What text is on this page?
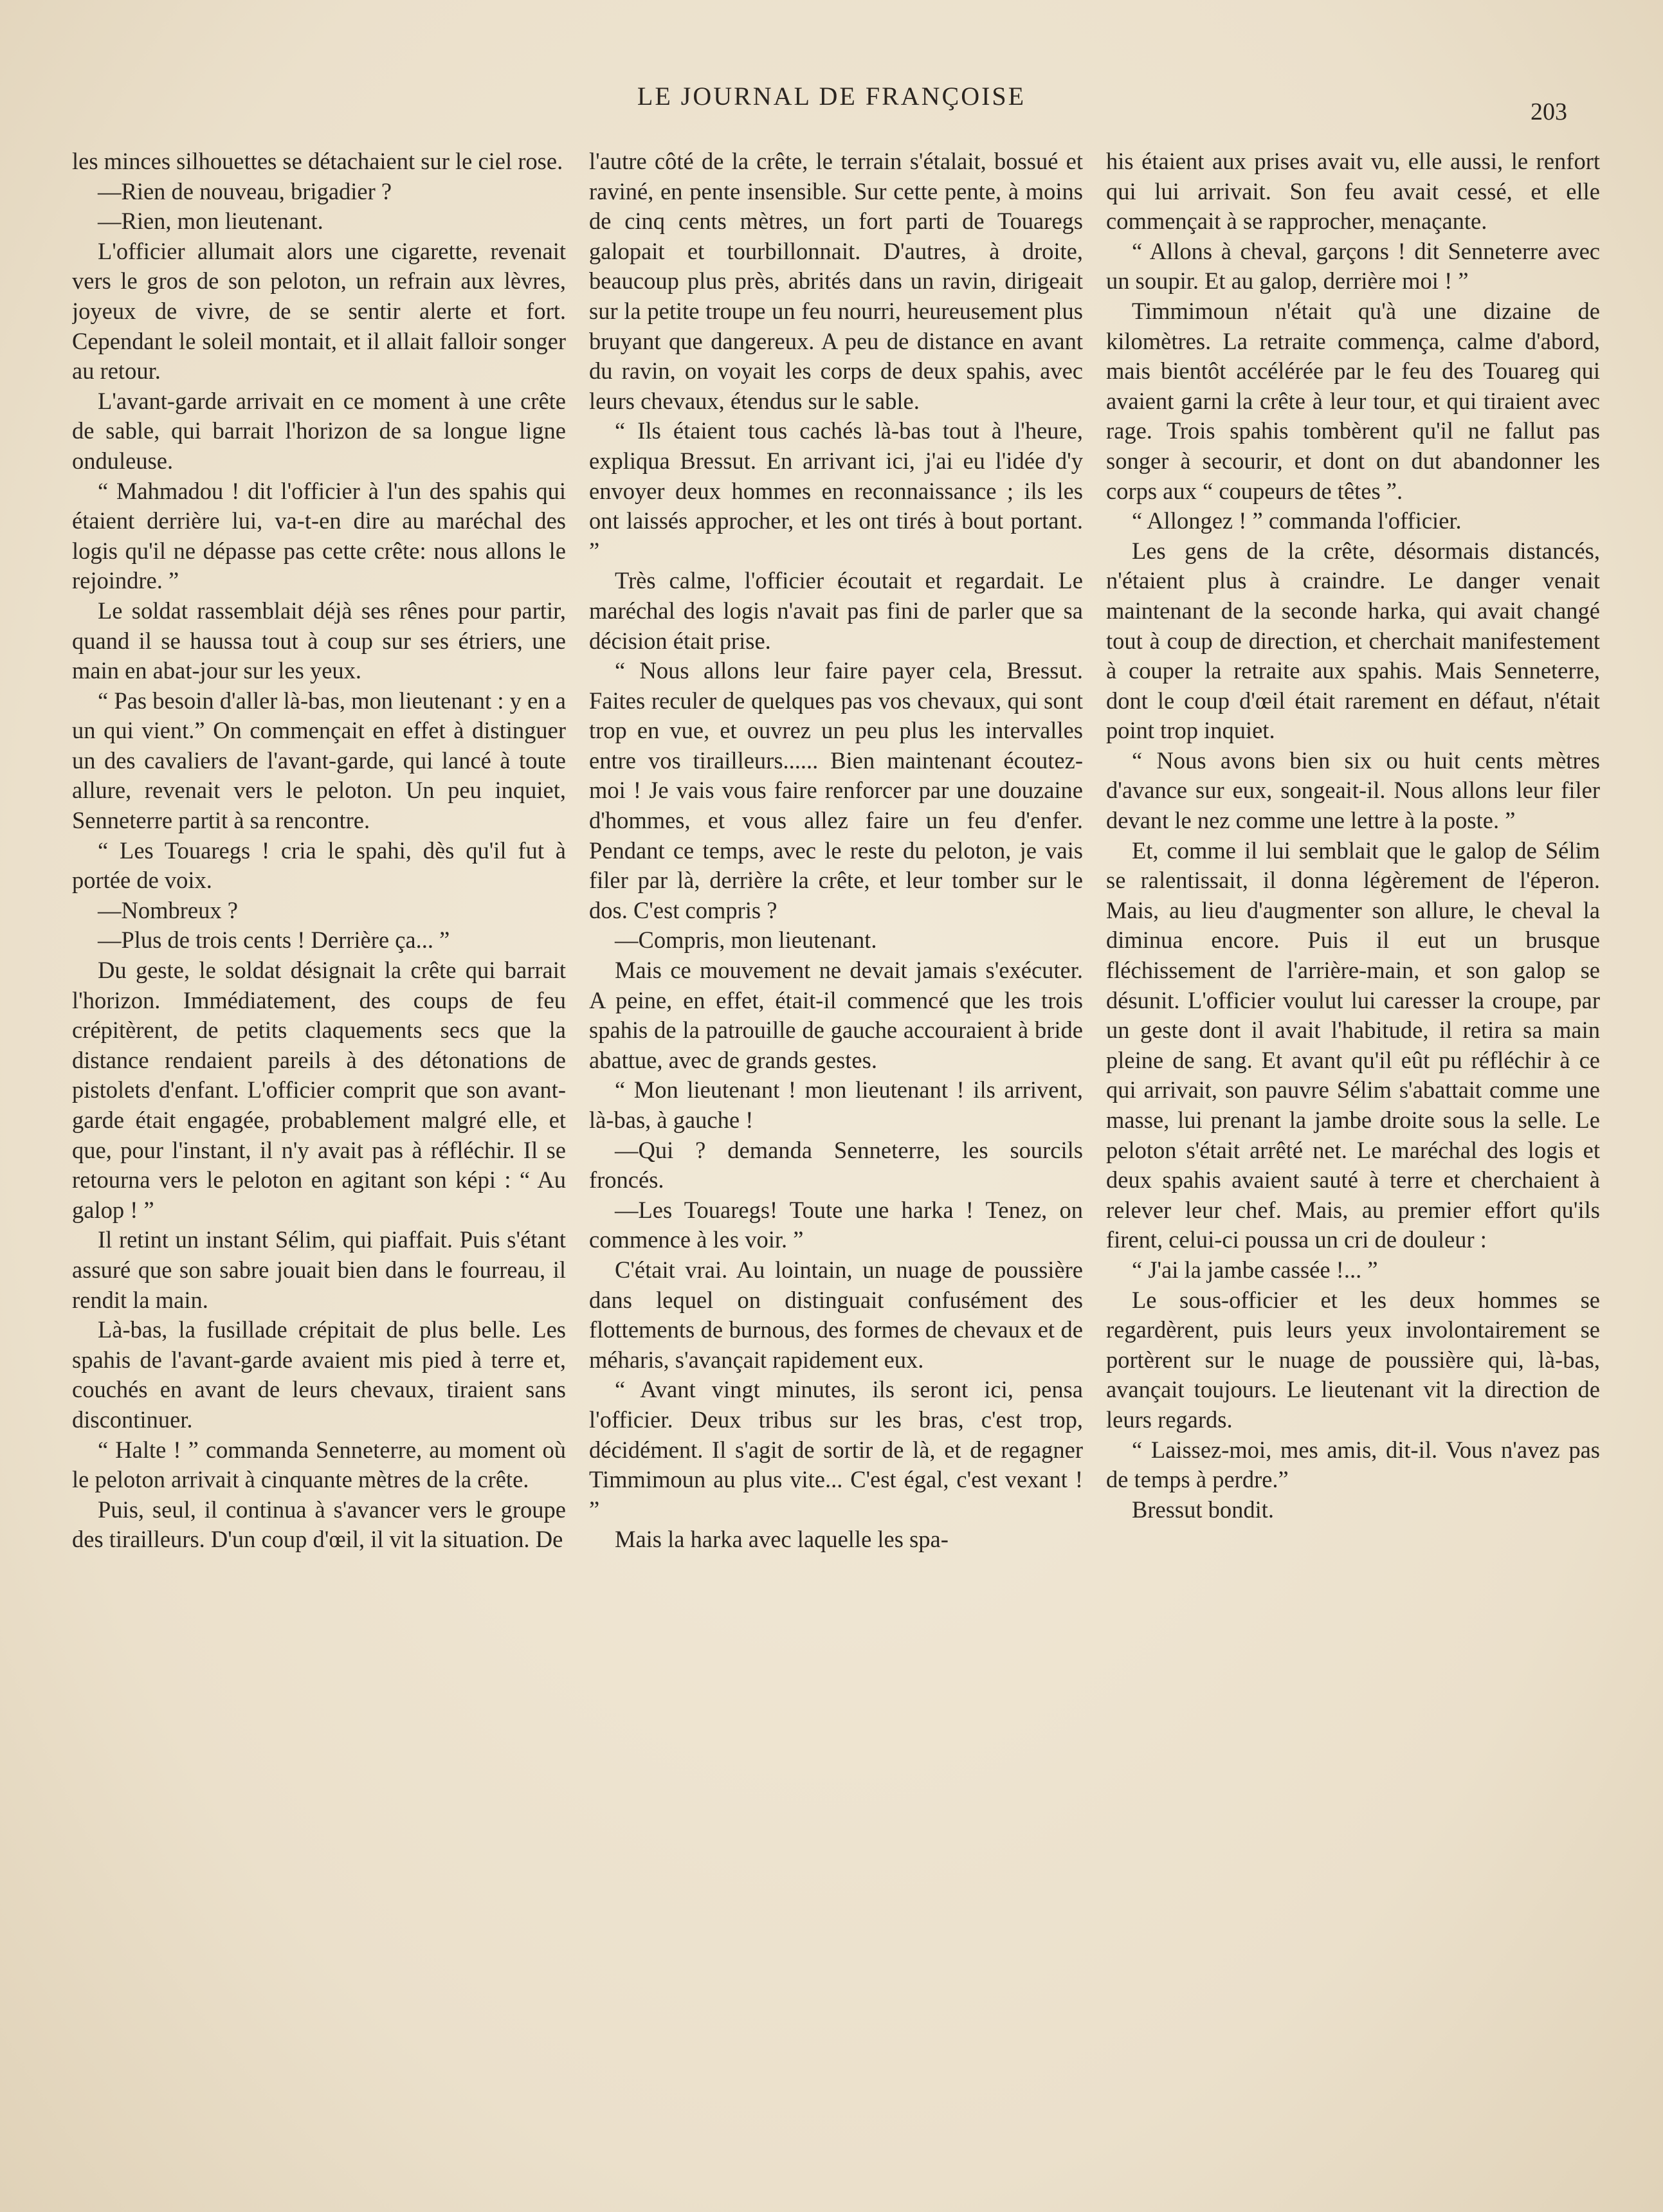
LE JOURNAL DE FRANÇOISE
203

les minces silhouettes se détachaient sur le ciel rose.

—Rien de nouveau, brigadier ?

—Rien, mon lieutenant.

L'officier allumait alors une cigarette, revenait vers le gros de son peloton, un refrain aux lèvres, joyeux de vivre, de se sentir alerte et fort. Cependant le soleil montait, et il allait falloir songer au retour.

L'avant-garde arrivait en ce moment à une crête de sable, qui barrait l'horizon de sa longue ligne onduleuse.

“ Mahmadou ! dit l'officier à l'un des spahis qui étaient derrière lui, va-t-en dire au maréchal des logis qu'il ne dépasse pas cette crête: nous allons le rejoindre. ”

Le soldat rassemblait déjà ses rênes pour partir, quand il se haussa tout à coup sur ses étriers, une main en abat-jour sur les yeux.

“ Pas besoin d'aller là-bas, mon lieutenant : y en a un qui vient.” On commençait en effet à distinguer un des cavaliers de l'avant-garde, qui lancé à toute allure, revenait vers le peloton. Un peu inquiet, Senneterre partit à sa rencontre.

“ Les Touaregs ! cria le spahi, dès qu'il fut à portée de voix.

—Nombreux ?

—Plus de trois cents ! Derrière ça... ”

Du geste, le soldat désignait la crête qui barrait l'horizon. Immédiatement, des coups de feu crépitèrent, de petits claquements secs que la distance rendaient pareils à des détonations de pistolets d'enfant. L'officier comprit que son avant-garde était engagée, probablement malgré elle, et que, pour l'instant, il n'y avait pas à réfléchir. Il se retourna vers le peloton en agitant son képi : “ Au galop ! ”

Il retint un instant Sélim, qui piaffait. Puis s'étant assuré que son sabre jouait bien dans le fourreau, il rendit la main.

Là-bas, la fusillade crépitait de plus belle. Les spahis de l'avant-garde avaient mis pied à terre et, couchés en avant de leurs chevaux, tiraient sans discontinuer.

“ Halte ! ” commanda Senneterre, au moment où le peloton arrivait à cinquante mètres de la crête.

Puis, seul, il continua à s'avancer vers le groupe des tirailleurs. D'un coup d'œil, il vit la situation. De

l'autre côté de la crête, le terrain s'étalait, bossué et raviné, en pente insensible. Sur cette pente, à moins de cinq cents mètres, un fort parti de Touaregs galopait et tourbillonnait. D'autres, à droite, beaucoup plus près, abrités dans un ravin, dirigeait sur la petite troupe un feu nourri, heureusement plus bruyant que dangereux. A peu de distance en avant du ravin, on voyait les corps de deux spahis, avec leurs chevaux, étendus sur le sable.

“ Ils étaient tous cachés là-bas tout à l'heure, expliqua Bressut. En arrivant ici, j'ai eu l'idée d'y envoyer deux hommes en reconnaissance ; ils les ont laissés approcher, et les ont tirés à bout portant. ”

Très calme, l'officier écoutait et regardait. Le maréchal des logis n'avait pas fini de parler que sa décision était prise.

“ Nous allons leur faire payer cela, Bressut. Faites reculer de quelques pas vos chevaux, qui sont trop en vue, et ouvrez un peu plus les intervalles entre vos tirailleurs...... Bien maintenant écoutez-moi ! Je vais vous faire renforcer par une douzaine d'hommes, et vous allez faire un feu d'enfer. Pendant ce temps, avec le reste du peloton, je vais filer par là, derrière la crête, et leur tomber sur le dos. C'est compris ?

—Compris, mon lieutenant.

Mais ce mouvement ne devait jamais s'exécuter. A peine, en effet, était-il commencé que les trois spahis de la patrouille de gauche accouraient à bride abattue, avec de grands gestes.

“ Mon lieutenant ! mon lieutenant ! ils arrivent, là-bas, à gauche !

—Qui ? demanda Senneterre, les sourcils froncés.

—Les Touaregs! Toute une harka ! Tenez, on commence à les voir. ”

C'était vrai. Au lointain, un nuage de poussière dans lequel on distinguait confusément des flottements de burnous, des formes de chevaux et de méharis, s'avançait rapidement eux.

“ Avant vingt minutes, ils seront ici, pensa l'officier. Deux tribus sur les bras, c'est trop, décidément. Il s'agit de sortir de là, et de regagner Timmimoun au plus vite... C'est égal, c'est vexant ! ”

Mais la harka avec laquelle les spa-

his étaient aux prises avait vu, elle aussi, le renfort qui lui arrivait. Son feu avait cessé, et elle commençait à se rapprocher, menaçante.

“ Allons à cheval, garçons ! dit Senneterre avec un soupir. Et au galop, derrière moi ! ”

Timmimoun n'était qu'à une dizaine de kilomètres. La retraite commença, calme d'abord, mais bientôt accélérée par le feu des Touareg qui avaient garni la crête à leur tour, et qui tiraient avec rage. Trois spahis tombèrent qu'il ne fallut pas songer à secourir, et dont on dut abandonner les corps aux “ coupeurs de têtes ”.

“ Allongez ! ” commanda l'officier.

Les gens de la crête, désormais distancés, n'étaient plus à craindre. Le danger venait maintenant de la seconde harka, qui avait changé tout à coup de direction, et cherchait manifestement à couper la retraite aux spahis. Mais Senneterre, dont le coup d'œil était rarement en défaut, n'était point trop inquiet.

“ Nous avons bien six ou huit cents mètres d'avance sur eux, songeait-il. Nous allons leur filer devant le nez comme une lettre à la poste. ”

Et, comme il lui semblait que le galop de Sélim se ralentissait, il donna légèrement de l'éperon. Mais, au lieu d'augmenter son allure, le cheval la diminua encore. Puis il eut un brusque fléchissement de l'arrière-main, et son galop se désunit. L'officier voulut lui caresser la croupe, par un geste dont il avait l'habitude, il retira sa main pleine de sang. Et avant qu'il eût pu réfléchir à ce qui arrivait, son pauvre Sélim s'abattait comme une masse, lui prenant la jambe droite sous la selle. Le peloton s'était arrêté net. Le maréchal des logis et deux spahis avaient sauté à terre et cherchaient à relever leur chef. Mais, au premier effort qu'ils firent, celui-ci poussa un cri de douleur :

“ J'ai la jambe cassée !... ”

Le sous-officier et les deux hommes se regardèrent, puis leurs yeux involontairement se portèrent sur le nuage de poussière qui, là-bas, avançait toujours. Le lieutenant vit la direction de leurs regards.

“ Laissez-moi, mes amis, dit-il. Vous n'avez pas de temps à perdre.”

Bressut bondit.
